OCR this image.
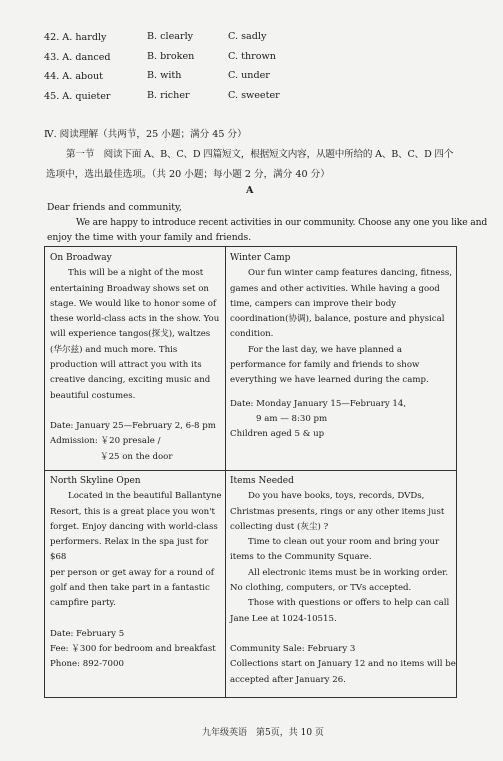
42. A. hardly	B. clearly	C. sadly
43. A. danced	B. broken	C. thrown
44. A. about	B. with	C. under
45. A. quieter	B. richer	C. sweeter
Ⅳ. 阅读理解（共两节，25 小题；满分 45 分）
第一节　阅读下面 A、B、C、D 四篇短文，根据短文内容，从题中所给的 A、B、C、D 四个
选项中，选出最佳选项。（共 20 小题；每小题 2 分，满分 40 分）
A
Dear friends and community,
We are happy to introduce recent activities in our community. Choose any one you like and
enjoy the time with your family and friends.

On Broadway

This will be a night of the most

entertaining Broadway shows set on

stage. We would like to honor some of

these world-class acts in the show. You

will experience tangos(探戈), waltzes

(华尔兹) and much more. This

production will attract you with its

creative dancing, exciting music and

beautiful costumes.

Date: January 25—February 2, 6-8 pm

Admission: ￥20 presale /

￥25 on the door

Winter Camp

Our fun winter camp features dancing, fitness,

games and other activities. While having a good

time, campers can improve their body

coordination(协调), balance, posture and physical

condition.

For the last day, we have planned a

performance for family and friends to show

everything we have learned during the camp.

Date: Monday January 15—February 14,

9 am — 8:30 pm

Children aged 5 & up

North Skyline Open

Located in the beautiful Ballantyne

Resort, this is a great place you won't

forget. Enjoy dancing with world-class

performers. Relax in the spa just for $68

per person or get away for a round of

golf and then take part in a fantastic

campfire party.

Date: February 5

Fee: ￥300 for bedroom and breakfast

Phone: 892-7000

Items Needed

Do you have books, toys, records, DVDs,

Christmas presents, rings or any other items just

collecting dust (灰尘) ?

Time to clean out your room and bring your

items to the Community Square.

All electronic items must be in working order.

No clothing, computers, or TVs accepted.

Those with questions or offers to help can call

Jane Lee at 1024-10515.

Community Sale: February 3

Collections start on January 12 and no items will be

accepted after January 26.

九年级英语　第5页，共 10 页
